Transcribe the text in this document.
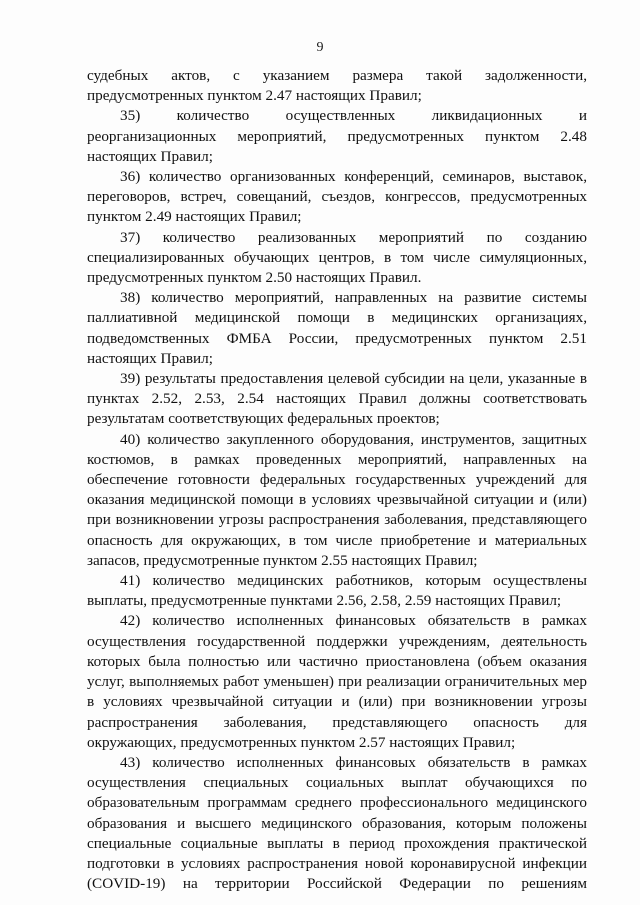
9

судебных актов, с указанием размера такой задолженности, предусмотренных пунктом 2.47 настоящих Правил;

35) количество осуществленных ликвидационных и реорганизационных мероприятий, предусмотренных пунктом 2.48 настоящих Правил;

36) количество организованных конференций, семинаров, выставок, переговоров, встреч, совещаний, съездов, конгрессов, предусмотренных пунктом 2.49 настоящих Правил;

37) количество реализованных мероприятий по созданию специализированных обучающих центров, в том числе симуляционных, предусмотренных пунктом 2.50 настоящих Правил.

38) количество мероприятий, направленных на развитие системы паллиативной медицинской помощи в медицинских организациях, подведомственных ФМБА России, предусмотренных пунктом 2.51 настоящих Правил;

39) результаты предоставления целевой субсидии на цели, указанные в пунктах 2.52, 2.53, 2.54 настоящих Правил должны соответствовать результатам соответствующих федеральных проектов;

40) количество закупленного оборудования, инструментов, защитных костюмов, в рамках проведенных мероприятий, направленных на обеспечение готовности федеральных государственных учреждений для оказания медицинской помощи в условиях чрезвычайной ситуации и (или) при возникновении угрозы распространения заболевания, представляющего опасность для окружающих, в том числе приобретение и материальных запасов, предусмотренные пунктом 2.55 настоящих Правил;

41) количество медицинских работников, которым осуществлены выплаты, предусмотренные пунктами 2.56, 2.58, 2.59 настоящих Правил;

42) количество исполненных финансовых обязательств в рамках осуществления государственной поддержки учреждениям, деятельность которых была полностью или частично приостановлена (объем оказания услуг, выполняемых работ уменьшен) при реализации ограничительных мер в условиях чрезвычайной ситуации и (или) при возникновении угрозы распространения заболевания, представляющего опасность для окружающих, предусмотренных пунктом 2.57 настоящих Правил;

43) количество исполненных финансовых обязательств в рамках осуществления специальных социальных выплат обучающихся по образовательным программам среднего профессионального медицинского образования и высшего медицинского образования, которым положены специальные социальные выплаты в период прохождения практической подготовки в условиях распространения новой коронавирусной инфекции (COVID-19) на территории Российской Федерации по решениям
